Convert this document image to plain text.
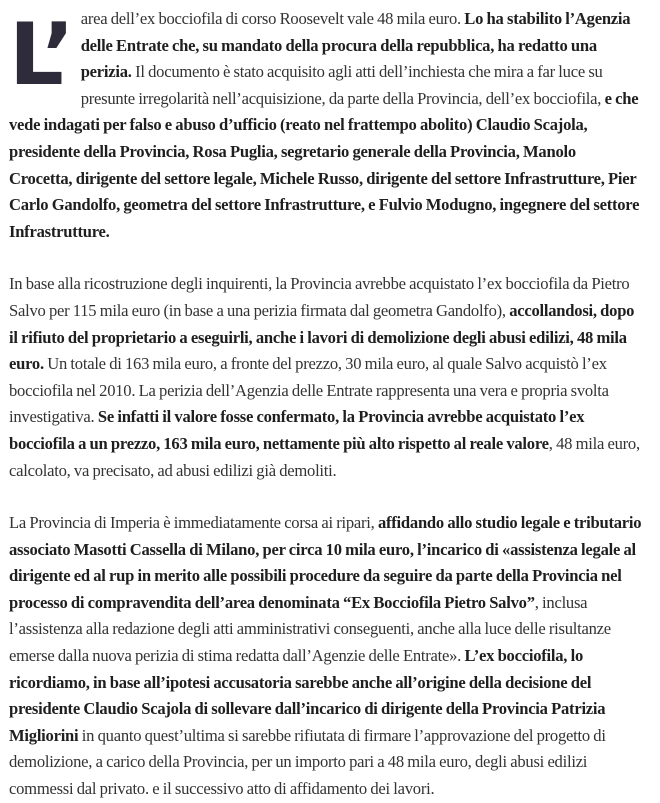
L’ area dell’ex bocciofila di corso Roosevelt vale 48 mila euro. Lo ha stabilito l’Agenzia delle Entrate che, su mandato della procura della repubblica, ha redatto una perizia. Il documento è stato acquisito agli atti dell’inchiesta che mira a far luce su presunte irregolarità nell’acquisizione, da parte della Provincia, dell’ex bocciofila, e che vede indagati per falso e abuso d’ufficio (reato nel frattempo abolito) Claudio Scajola, presidente della Provincia, Rosa Puglia, segretario generale della Provincia, Manolo Crocetta, dirigente del settore legale, Michele Russo, dirigente del settore Infrastrutture, Pier Carlo Gandolfo, geometra del settore Infrastrutture, e Fulvio Modugno, ingegnere del settore Infrastrutture.

In base alla ricostruzione degli inquirenti, la Provincia avrebbe acquistato l’ex bocciofila da Pietro Salvo per 115 mila euro (in base a una perizia firmata dal geometra Gandolfo), accollandosi, dopo il rifiuto del proprietario a eseguirli, anche i lavori di demolizione degli abusi edilizi, 48 mila euro. Un totale di 163 mila euro, a fronte del prezzo, 30 mila euro, al quale Salvo acquistò l’ex bocciofila nel 2010. La perizia dell’Agenzia delle Entrate rappresenta una vera e propria svolta investigativa. Se infatti il valore fosse confermato, la Provincia avrebbe acquistato l’ex bocciofila a un prezzo, 163 mila euro, nettamente più alto rispetto al reale valore, 48 mila euro, calcolato, va precisato, ad abusi edilizi già demoliti.

La Provincia di Imperia è immediatamente corsa ai ripari, affidando allo studio legale e tributario associato Masotti Cassella di Milano, per circa 10 mila euro, l’incarico di «assistenza legale al dirigente ed al rup in merito alle possibili procedure da seguire da parte della Provincia nel processo di compravendita dell’area denominata “Ex Bocciofila Pietro Salvo”, inclusa l’assistenza alla redazione degli atti amministrativi conseguenti, anche alla luce delle risultanze emerse dalla nuova perizia di stima redatta dall’Agenzie delle Entrate». L’ex bocciofila, lo ricordiamo, in base all’ipotesi accusatoria sarebbe anche all’origine della decisione del presidente Claudio Scajola di sollevare dall’incarico di dirigente della Provincia Patrizia Migliorini in quanto quest’ultima si sarebbe rifiutata di firmare l’approvazione del progetto di demolizione, a carico della Provincia, per un importo pari a 48 mila euro, degli abusi edilizi commessi dal privato. e il successivo atto di affidamento dei lavori.
